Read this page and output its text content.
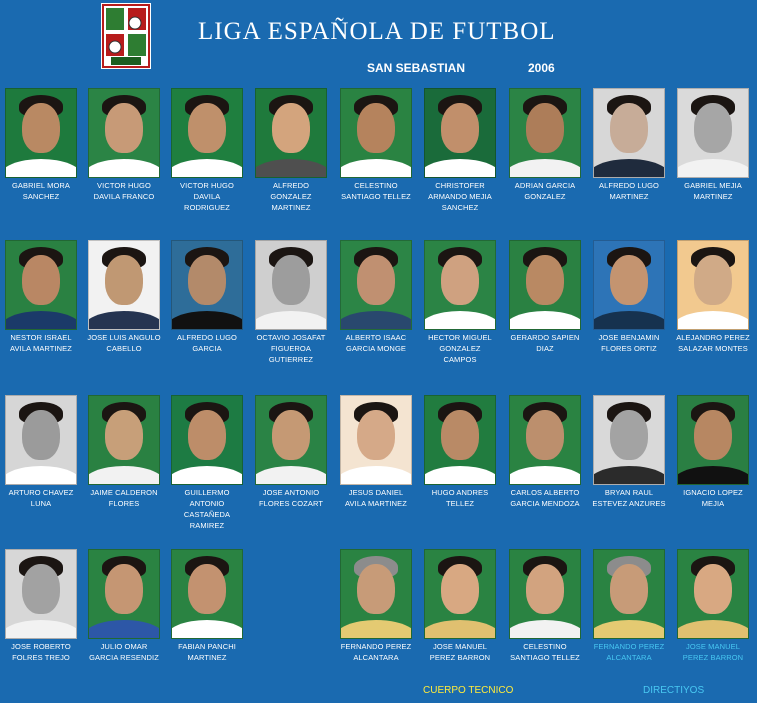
LIGA ESPAÑOLA DE FUTBOL
SAN SEBASTIAN	2006
GABRIEL MORA SANCHEZ
VICTOR HUGO DAVILA FRANCO
VICTOR HUGO DAVILA RODRIGUEZ
ALFREDO GONZALEZ MARTINEZ
CELESTINO SANTIAGO TELLEZ
CHRISTOFER ARMANDO MEJIA SANCHEZ
ADRIAN GARCIA GONZALEZ
ALFREDO LUGO MARTINEZ
GABRIEL MEJIA MARTINEZ
NESTOR ISRAEL AVILA MARTINEZ
JOSE LUIS ANGULO CABELLO
ALFREDO LUGO GARCIA
OCTAVIO JOSAFAT FIGUEROA GUTIERREZ
ALBERTO ISAAC GARCIA MONGE
HECTOR MIGUEL GONZALEZ CAMPOS
GERARDO SAPIEN DIAZ
JOSE BENJAMIN FLORES ORTIZ
ALEJANDRO PEREZ SALAZAR MONTES
ARTURO CHAVEZ LUNA
JAIME CALDERON FLORES
GUILLERMO ANTONIO CASTAÑEDA RAMIREZ
JOSE ANTONIO FLORES COZART
JESUS DANIEL AVILA MARTINEZ
HUGO ANDRES TELLEZ
CARLOS ALBERTO GARCIA MENDOZA
BRYAN RAUL ESTEVEZ ANZURES
IGNACIO LOPEZ MEJIA
JOSE ROBERTO FOLRES TREJO
JULIO OMAR GARCIA RESENDIZ
FABIAN PANCHI MARTINEZ
FERNANDO PEREZ ALCANTARA
JOSE MANUEL PEREZ BARRON
CELESTINO SANTIAGO TELLEZ
FERNANDO PEREZ ALCANTARA
JOSE MANUEL PEREZ BARRON
CUERPO TECNICO	DIRECTIYOS
